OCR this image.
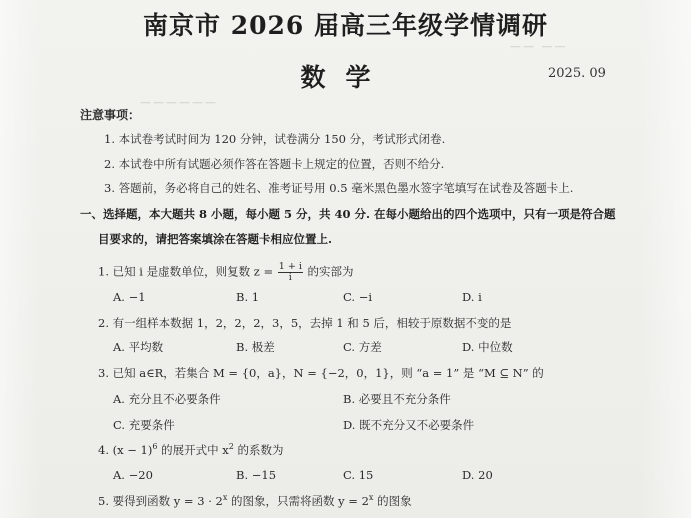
——————
—— ——
南京市 2026 届高三年级学情调研
数学	2025. 09
注意事项：
1. 本试卷考试时间为 120 分钟，试卷满分 150 分，考试形式闭卷.
2. 本试卷中所有试题必须作答在答题卡上规定的位置，否则不给分.
3. 答题前，务必将自己的姓名、准考证号用 0.5 毫米黑色墨水签字笔填写在试卷及答题卡上.
一、选择题，本大题共 8 小题，每小题 5 分，共 40 分. 在每小题给出的四个选项中，只有一项是符合题
目要求的，请把答案填涂在答题卡相应位置上.
1. 已知 i 是虚数单位，则复数 $z = \frac{1 + i}{i}$ 的实部为
A. −1	B. 1	C. −i	D. i
2. 有一组样本数据 1，2，2，2，3，5，去掉 1 和 5 后，相较于原数据不变的是
A. 平均数	B. 极差	C. 方差	D. 中位数
3. 已知 a∈R，若集合 M = {0，a}，N = {−2，0，1}，则 “a = 1” 是 “M ⊆ N” 的
A. 充分且不必要条件	B. 必要且不充分条件
C. 充要条件	D. 既不充分又不必要条件
4. $(x - 1)^6$ 的展开式中 $x^2$ 的系数为
A. −20	B. −15	C. 15	D. 20
5. 要得到函数 $y = 3 \cdot 2^x$ 的图象，只需将函数 $y = 2^x$ 的图象
